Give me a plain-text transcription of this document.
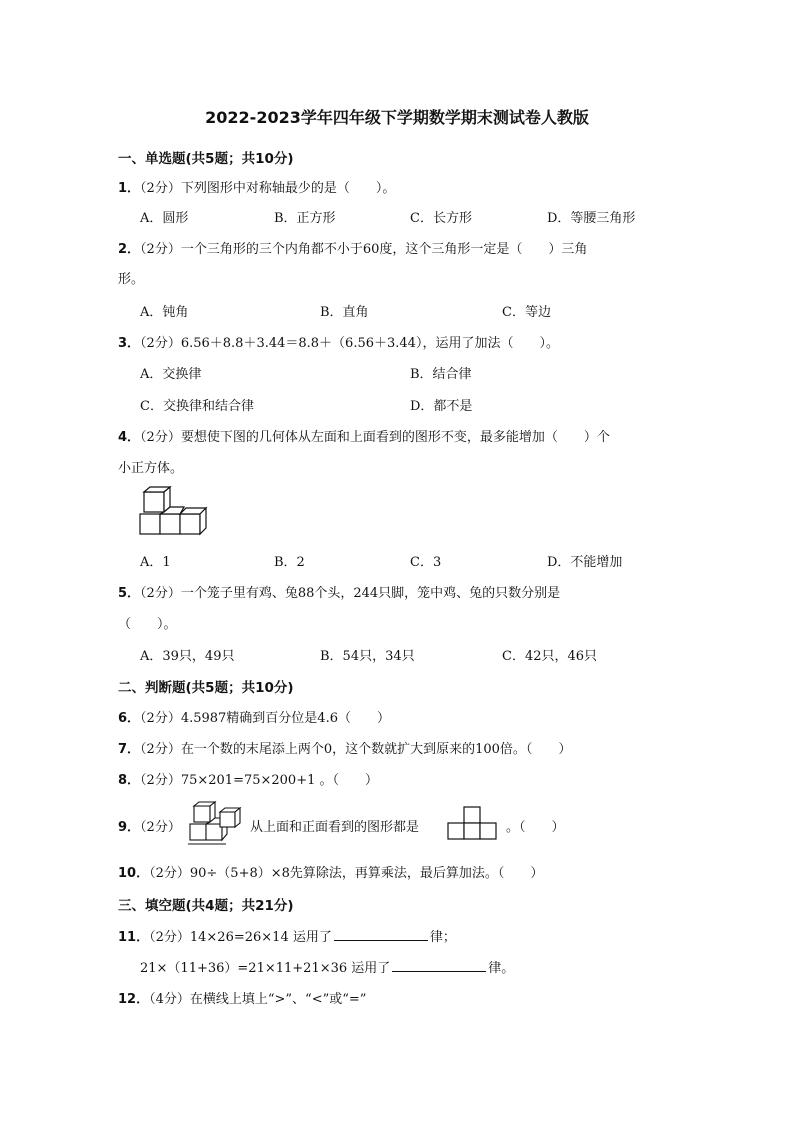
2022-2023学年四年级下学期数学期末测试卷人教版
一、单选题(共5题；共10分)
1．（2分）下列图形中对称轴最少的是（　　）。
A．圆形	B．正方形	C．长方形	D．等腰三角形
2．（2分）一个三角形的三个内角都不小于60度，这个三角形一定是（　　）三角
形。
A．钝角	B．直角	C．等边
3．（2分）6.56＋8.8＋3.44＝8.8＋（6.56＋3.44），运用了加法（　　）。
A．交换律	B．结合律
C．交换律和结合律	D．都不是
4．（2分）要想使下图的几何体从左面和上面看到的图形不变，最多能增加（　　）个
小正方体。
A．1	B．2	C．3	D．不能增加
5．（2分）一个笼子里有鸡、兔88个头，244只脚，笼中鸡、兔的只数分别是
（　　）。
A．39只，49只	B．54只，34只	C．42只，46只
二、判断题(共5题；共10分)
6．（2分）4.5987精确到百分位是4.6（　　）
7．（2分）在一个数的末尾添上两个0，这个数就扩大到原来的100倍。（　　）
8．（2分）75×201=75×200+1 。（　　）
9．（2分）	从上面和正面看到的图形都是	。（　　）
10．（2分）90÷（5+8）×8先算除法，再算乘法，最后算加法。（　　）
三、填空题(共4题；共21分)
11．（2分）14×26=26×14 运用了	律；
21×（11+36）=21×11+21×36 运用了	律。
12．（4分）在横线上填上“>”、“<”或“=”
